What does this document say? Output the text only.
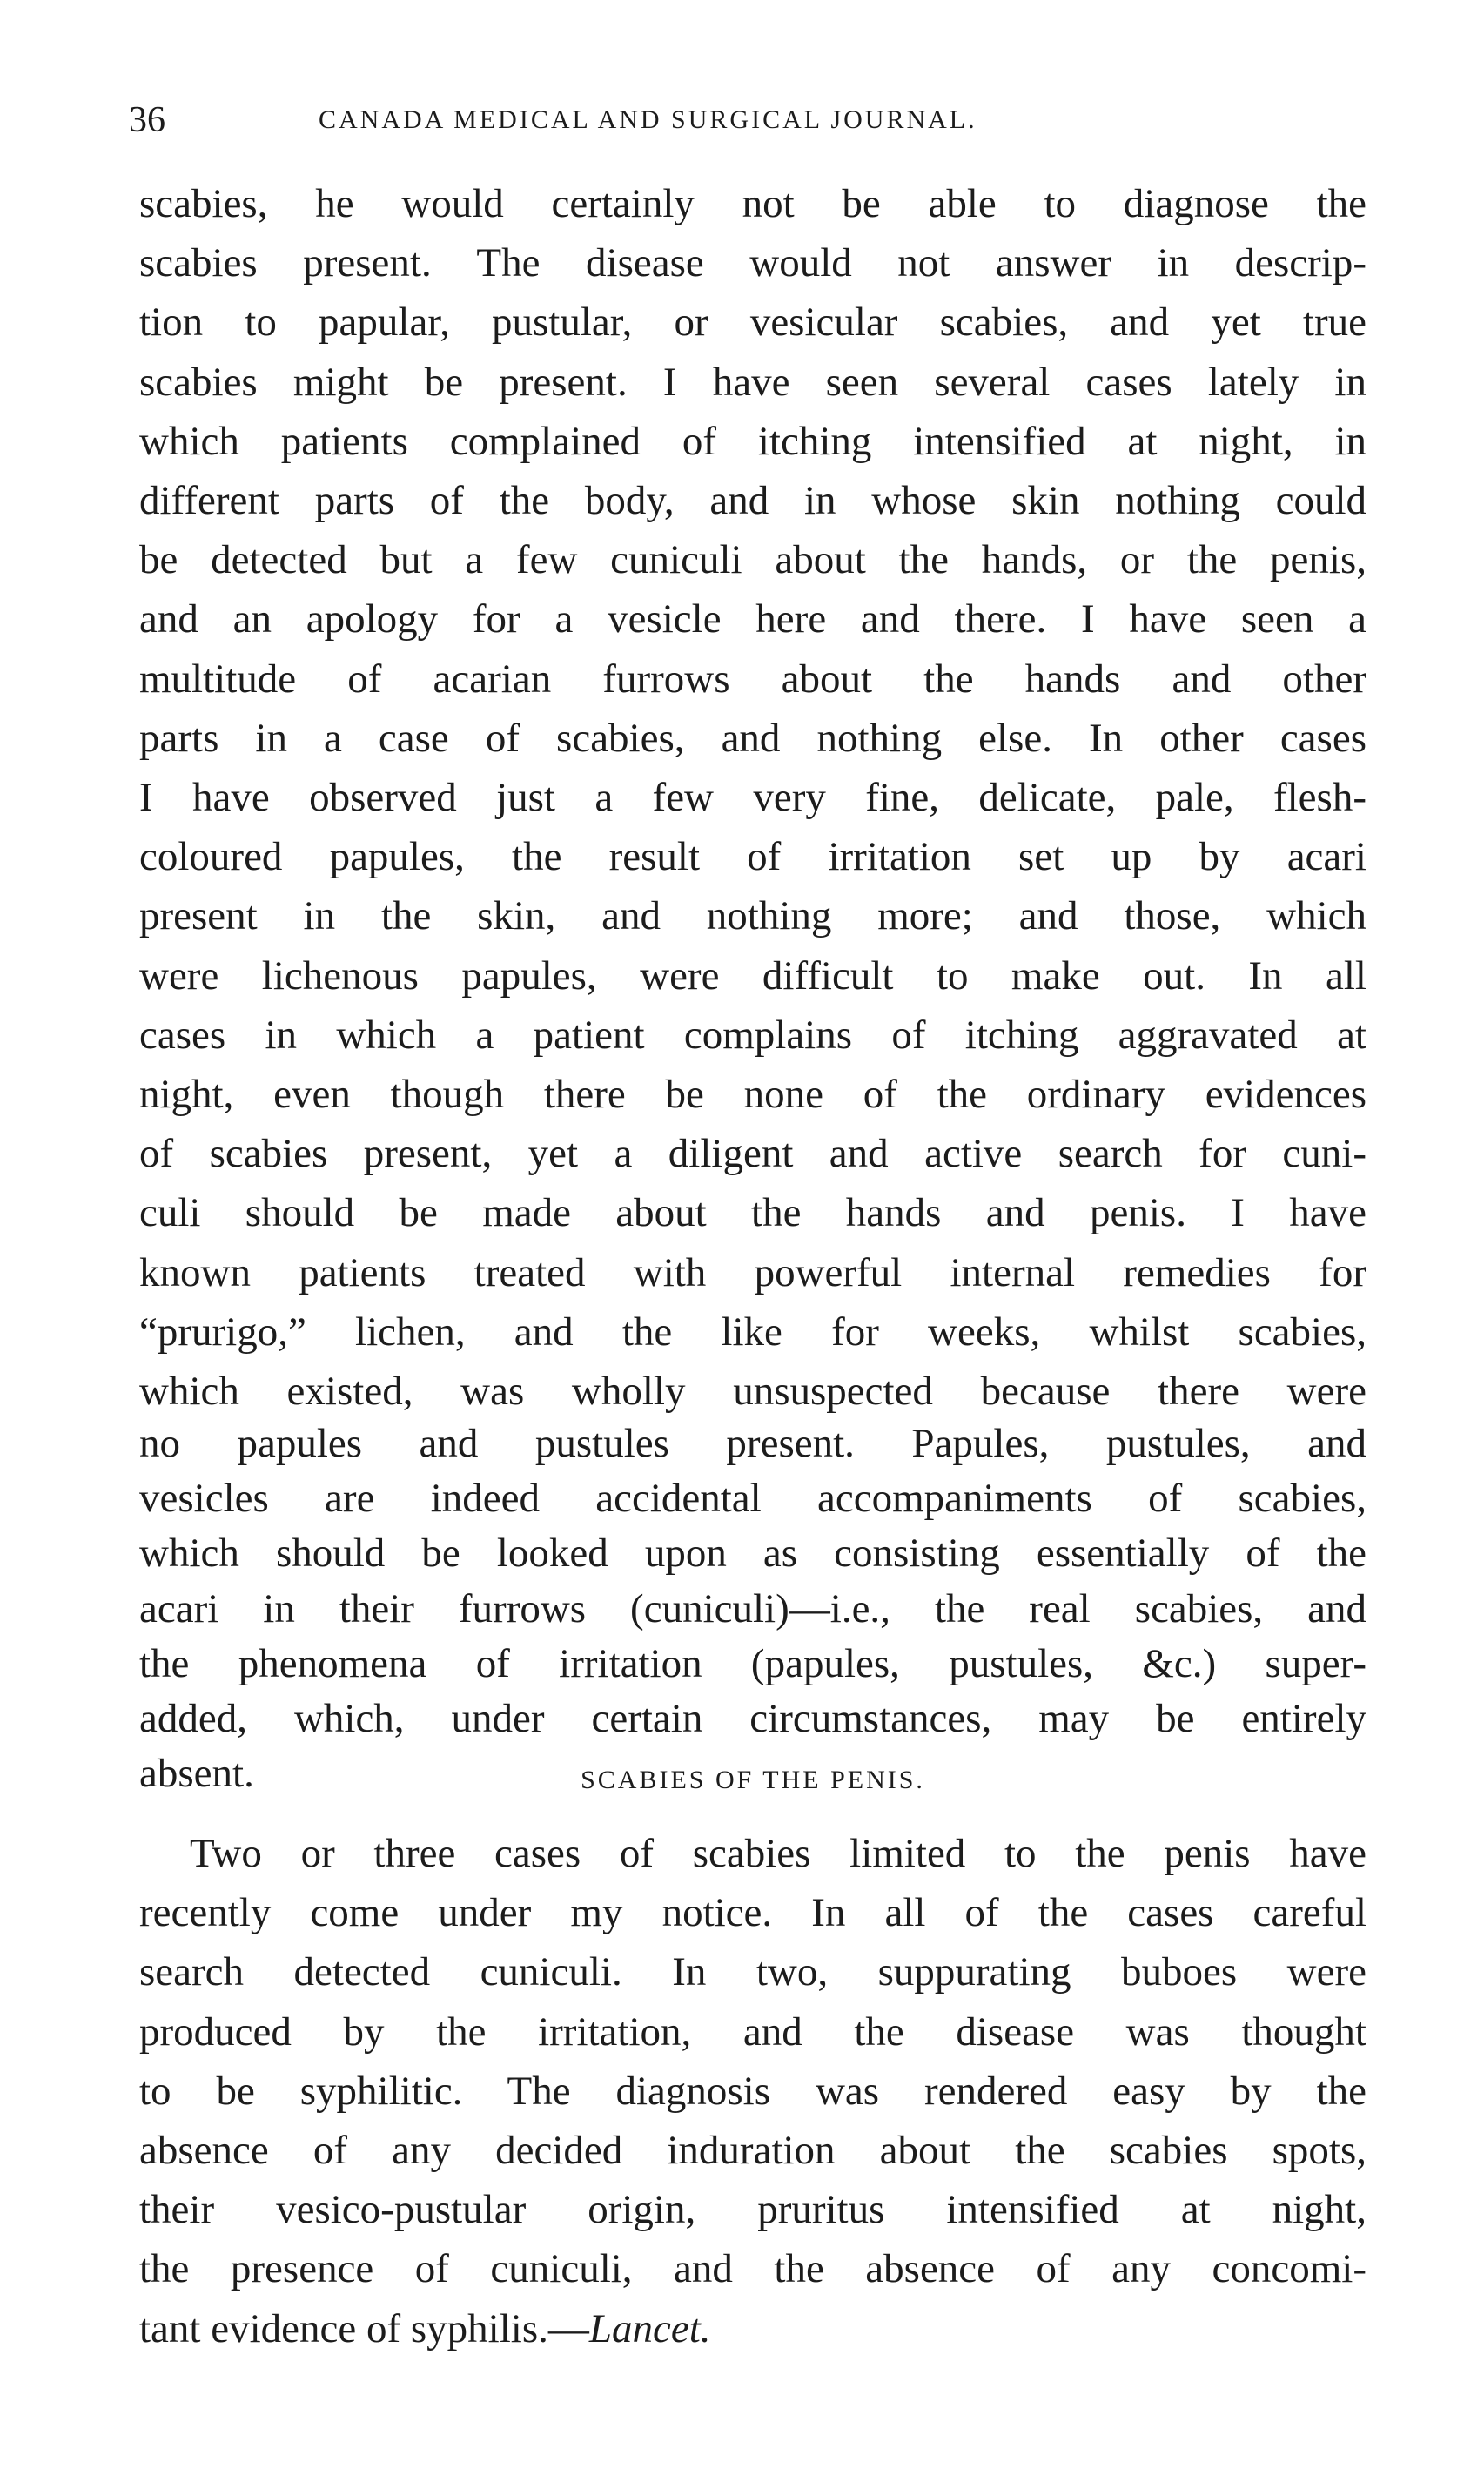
36	CANADA MEDICAL AND SURGICAL JOURNAL.

scabies, he would certainly not be able to diagnose the
scabies present. The disease would not answer in descrip-
tion to papular, pustular, or vesicular scabies, and yet true
scabies might be present. I have seen several cases lately in
which patients complained of itching intensified at night, in
different parts of the body, and in whose skin nothing could
be detected but a few cuniculi about the hands, or the penis,
and an apology for a vesicle here and there. I have seen a
multitude of acarian furrows about the hands and other
parts in a case of scabies, and nothing else. In other cases
I have observed just a few very fine, delicate, pale, flesh-
coloured papules, the result of irritation set up by acari
present in the skin, and nothing more; and those, which
were lichenous papules, were difficult to make out. In all
cases in which a patient complains of itching aggravated at
night, even though there be none of the ordinary evidences
of scabies present, yet a diligent and active search for cuni-
culi should be made about the hands and penis. I have
known patients treated with powerful internal remedies for
“prurigo,” lichen, and the like for weeks, whilst scabies,
which existed, was wholly unsuspected because there were

no papules and pustules present. Papules, pustules, and
vesicles are indeed accidental accompaniments of scabies,
which should be looked upon as consisting essentially of the
acari in their furrows (cuniculi)—i.e., the real scabies, and
the phenomena of irritation (papules, pustules, &c.) super-
added, which, under certain circumstances, may be entirely
absent.	SCABIES OF THE PENIS.

Two or three cases of scabies limited to the penis have
recently come under my notice. In all of the cases careful
search detected cuniculi. In two, suppurating buboes were
produced by the irritation, and the disease was thought
to be syphilitic. The diagnosis was rendered easy by the
absence of any decided induration about the scabies spots,
their vesico-pustular origin, pruritus intensified at night,
the presence of cuniculi, and the absence of any concomi-
tant evidence of syphilis.—Lancet.
